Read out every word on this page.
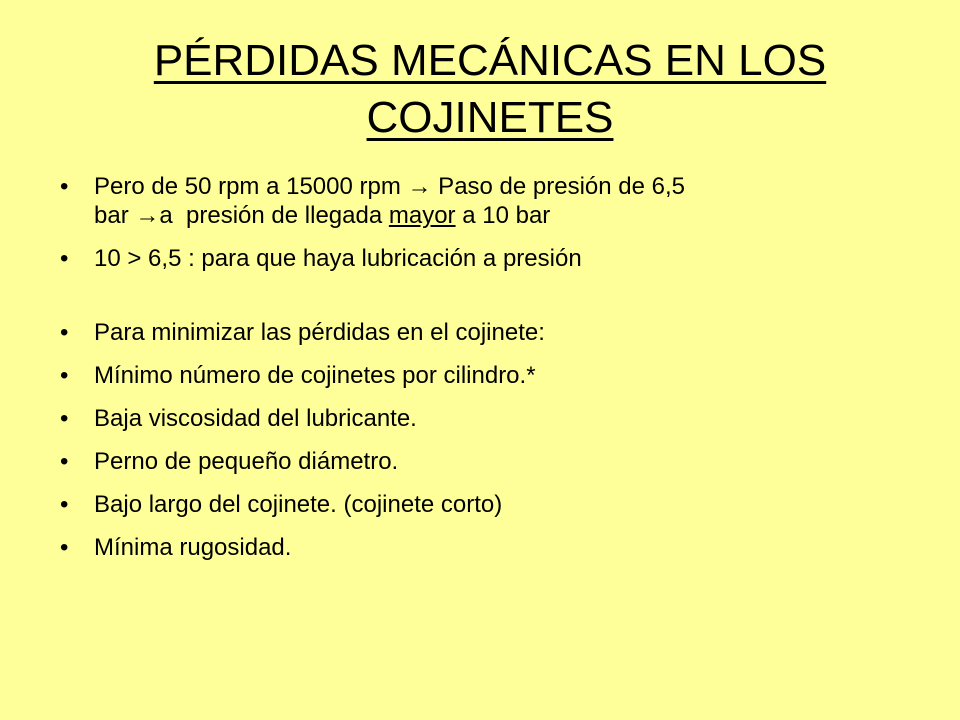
PÉRDIDAS MECÁNICAS EN LOS
COJINETES
•	Pero de 50 rpm a 15000 rpm → Paso de presión de 6,5
bar →a  presión de llegada mayor a 10 bar
•	10 > 6,5 : para que haya lubricación a presión
•	Para minimizar las pérdidas en el cojinete:
•	Mínimo número de cojinetes por cilindro.*
•	Baja viscosidad del lubricante.
•	Perno de pequeño diámetro.
•	Bajo largo del cojinete. (cojinete corto)
•	Mínima rugosidad.
